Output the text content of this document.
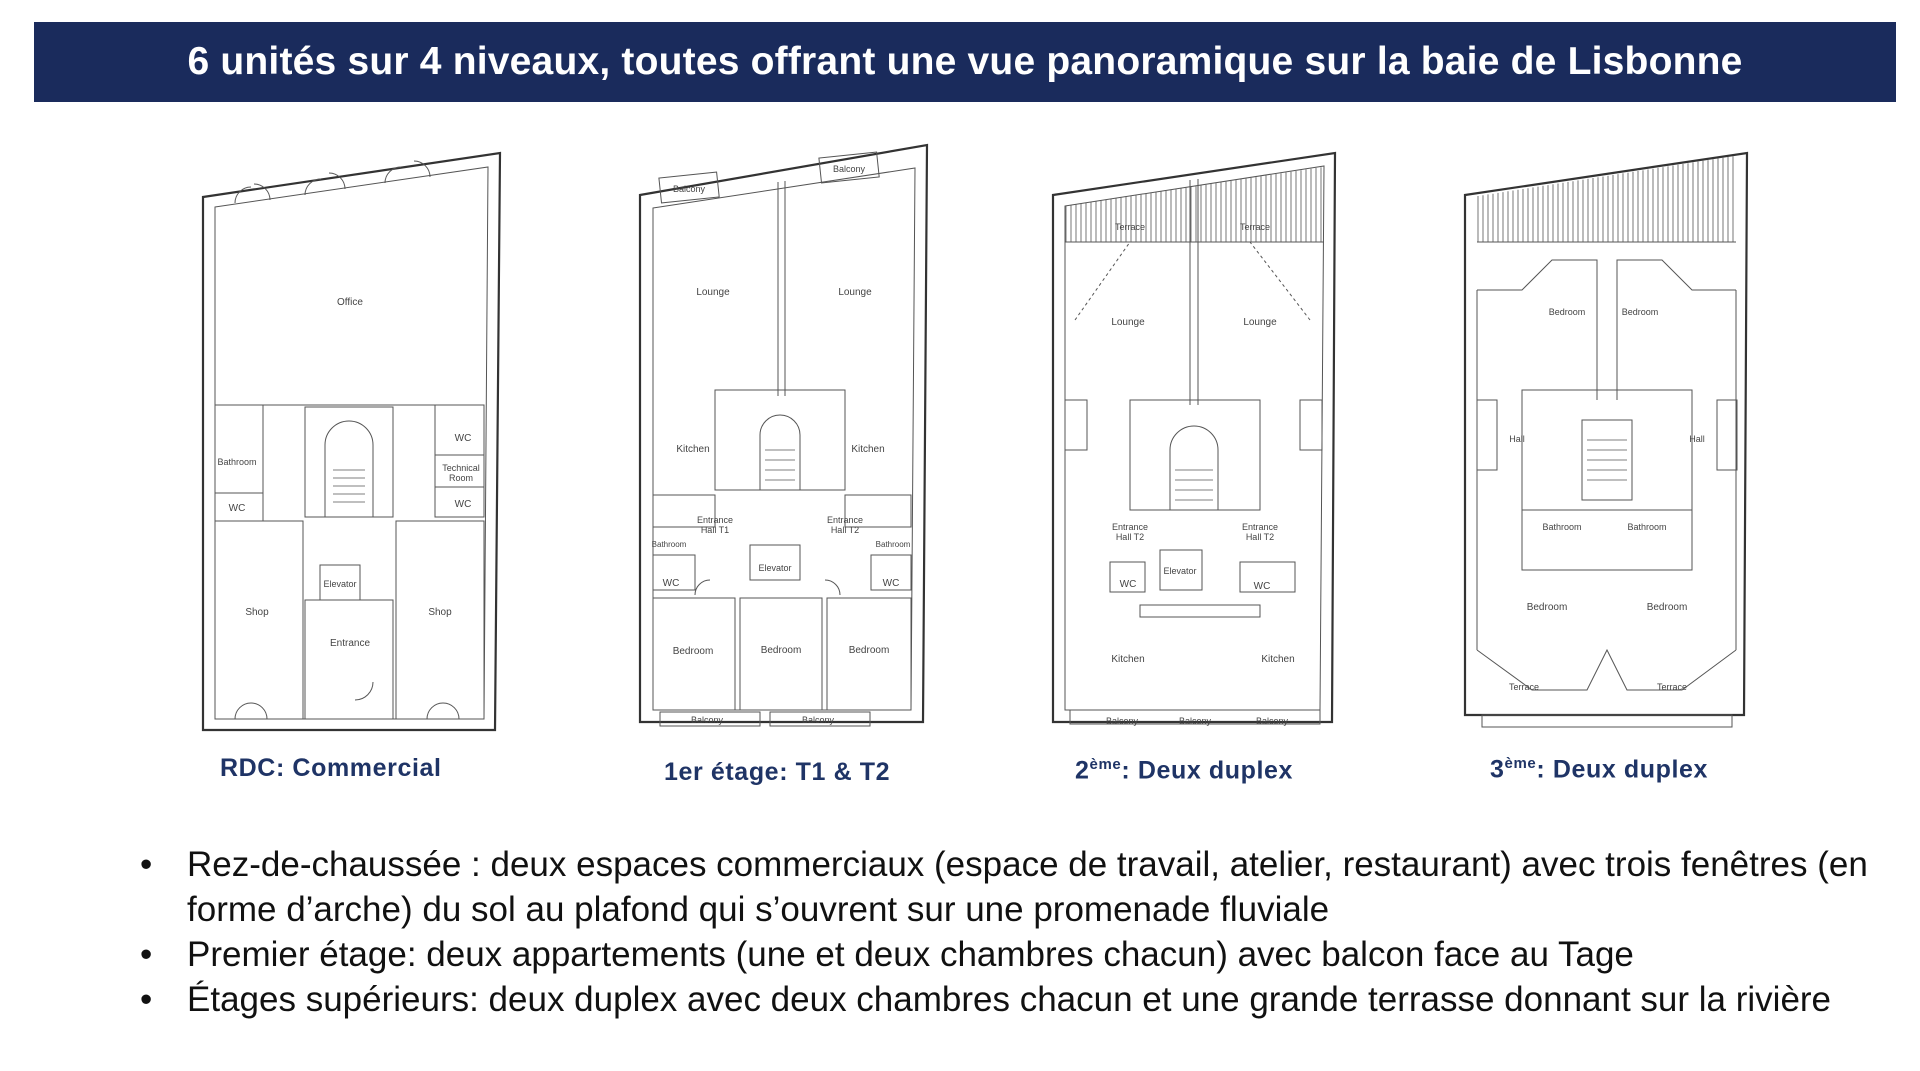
6 unités sur 4 niveaux, toutes offrant une vue panoramique sur la baie de Lisbonne
Office
Bathroom
WC
WC
Technical
Room
WC
Elevator
Entrance
Shop	Shop
Balcony
Balcony
Lounge	Lounge
Kitchen	Kitchen
Entrance
Hall T1
Entrance
Hall T2
Bathroom	Bathroom
WC	WC
Elevator
Bedroom	Bedroom	Bedroom
Balcony	Balcony
Terrace	Terrace
Lounge	Lounge
Entrance
Hall T2
Entrance
Hall T2
Elevator
WC	WC
Kitchen	Kitchen
Balcony	Balcony	Balcony
Bedroom	Bedroom
Hall	Hall
Bathroom	Bathroom
Bedroom	Bedroom
Terrace	Terrace
RDC: Commercial	1er étage: T1 & T2	2ème: Deux duplex	3ème: Deux duplex
• Rez-de-chaussée : deux espaces commerciaux (espace de travail, atelier, restaurant) avec trois fenêtres (en forme d’arche) du sol au plafond qui s’ouvrent sur une promenade fluviale
• Premier étage: deux appartements (une et deux chambres chacun) avec balcon face au Tage
• Étages supérieurs: deux duplex avec deux chambres chacun et une grande terrasse donnant sur la rivière
